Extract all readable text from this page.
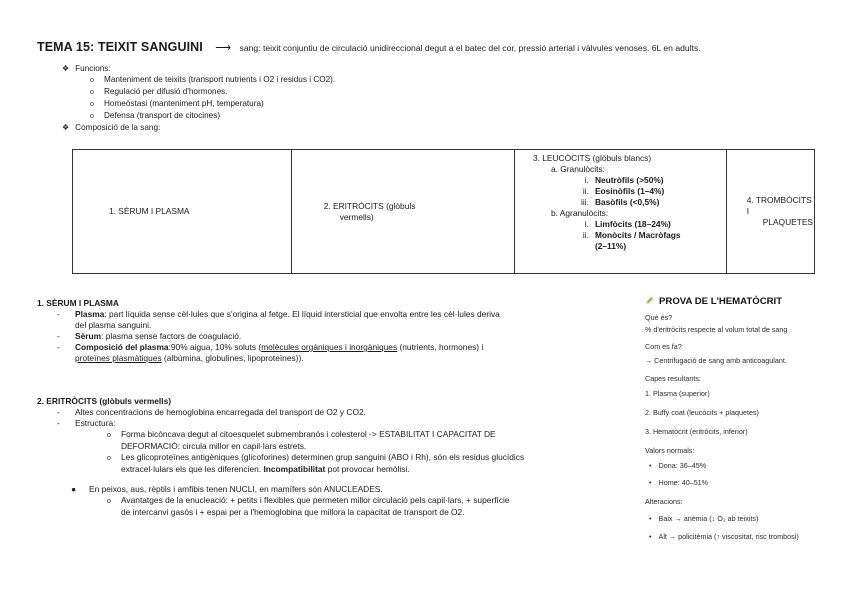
TEMA 15: TEIXIT SANGUINI ⟶ sang: teixit conjuntiu de circulació unidireccional degut a el batec del cor, pressió arterial i vàlvules venoses. 6L en adults.
❖ Funcions:
o Manteniment de teixits (transport nutrients i O2 i residus i CO2).
o Regulació per difusió d'hormones.
o Homeòstasi (manteniment pH, temperatura)
o Defensa (transport de citocines)
❖ Composició de la sang:
1. SÈRUM I PLASMA	
2. ERITRÒCITS (glòbuls
vermells)

3. LEUCÒCITS (glòbuls blancs)
a. Granulòcits:
i. Neutròfils (>50%)
ii. Eosinòfils (1–4%)
iii. Basòfils (<0,5%)
b. Agranulòcits:
i. Limfòcits (18–24%)
ii. Monòcits / Macròfags
(2–11%)

4. TROMBÒCITS I
PLAQUETES
1. SÈRUM I PLASMA
- Plasma: part líquida sense cèl·lules que s'origina al fetge. El líquid intersticial que envolta entre les cèl·lules deriva
del plasma sanguini.
- Sèrum: plasma sense factors de coagulació.
- Composició del plasma:90% aigua, 10% soluts (molècules orgàniques i inorgàniques (nutrients, hormones) i
proteïnes plasmàtiques (albúmina, globulines, lipoproteïnes)).
2. ERITRÒCITS (glòbuls vermells)
- Altes concentracions de hemoglobina encarregada del transport de O2 y CO2.
- Estructura:
o Forma bicòncava degut al citoesquelet submembranós i colesterol -> ESTABILITAT I CAPACITAT DE
DEFORMACIÓ: circula millor en capil·lars estrets.
o Les glicoproteïnes antigèniques (glicoforines) determinen grup sanguini (ABO i Rh), són els residus glucídics
extracel·lulars els que les diferencien. Incompatibilitat pot provocar hemòlisi.
● En peixos, aus, rèptils i amfibis tenen NUCLI, en mamífers són ANUCLEADES.
o Avantatges de la enucleació: + petits i flexibles que permeten millor circulació pels capil·lars, + superfície
de intercanvi gasós i + espai per a l'hemoglobina que millora la capacitat de transport de O2.
PROVA DE L'HEMATÒCRIT
Què és?
% d'eritròcits respecte al volum total de sang
Com es fa?
→ Centrifugació de sang amb anticoagulant.
Capes resultants:
1. Plasma (superior)
2. Buffy coat (leucòcits + plaquetes)
3. Hematòcrit (eritròcits, inferior)
Valors normals:
• Dona: 36–45%
• Home: 40–51%
Alteracions:
• Baix → anèmia (↓ O₂ ab teixits)
• Alt → policitèmia (↑ viscositat, risc trombosi)
